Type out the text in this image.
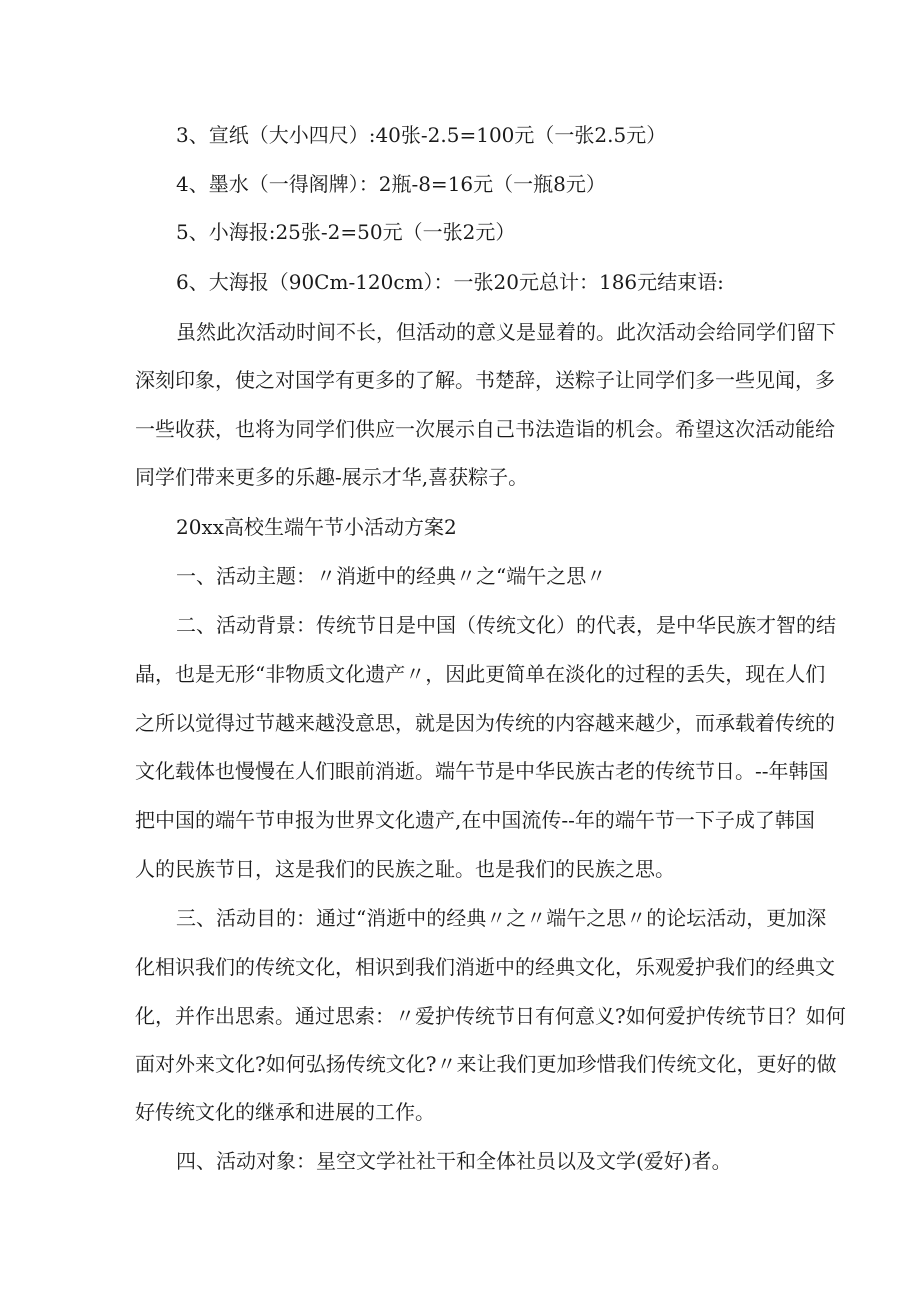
3、宣纸（大小四尺）:40张-2.5=100元（一张2.5元）
4、墨水（一得阁牌）：2瓶-8=16元（一瓶8元）
5、小海报:25张-2=50元（一张2元）
6、大海报（90Cm-120cm）：一张20元总计：186元结束语:
虽然此次活动时间不长，但活动的意义是显着的。此次活动会给同学们留下
深刻印象，使之对国学有更多的了解。书楚辞，送粽子让同学们多一些见闻，多
一些收获，也将为同学们供应一次展示自己书法造诣的机会。希望这次活动能给
同学们带来更多的乐趣-展示才华,喜获粽子。
20xx高校生端午节小活动方案2
一、活动主题：〃消逝中的经典〃之“端午之思〃
二、活动背景：传统节日是中国（传统文化）的代表，是中华民族才智的结
晶，也是无形“非物质文化遗产〃，因此更简单在淡化的过程的丢失，现在人们
之所以觉得过节越来越没意思，就是因为传统的内容越来越少，而承载着传统的
文化载体也慢慢在人们眼前消逝。端午节是中华民族古老的传统节日。--年韩国
把中国的端午节申报为世界文化遗产,在中国流传--年的端午节一下子成了韩国
人的民族节日，这是我们的民族之耻。也是我们的民族之思。
三、活动目的：通过“消逝中的经典〃之〃端午之思〃的论坛活动，更加深
化相识我们的传统文化，相识到我们消逝中的经典文化，乐观爱护我们的经典文
化，并作出思索。通过思索：〃爱护传统节日有何意义?如何爱护传统节日？如何
面对外来文化?如何弘扬传统文化?〃来让我们更加珍惜我们传统文化，更好的做
好传统文化的继承和进展的工作。
四、活动对象：星空文学社社干和全体社员以及文学(爱好)者。
